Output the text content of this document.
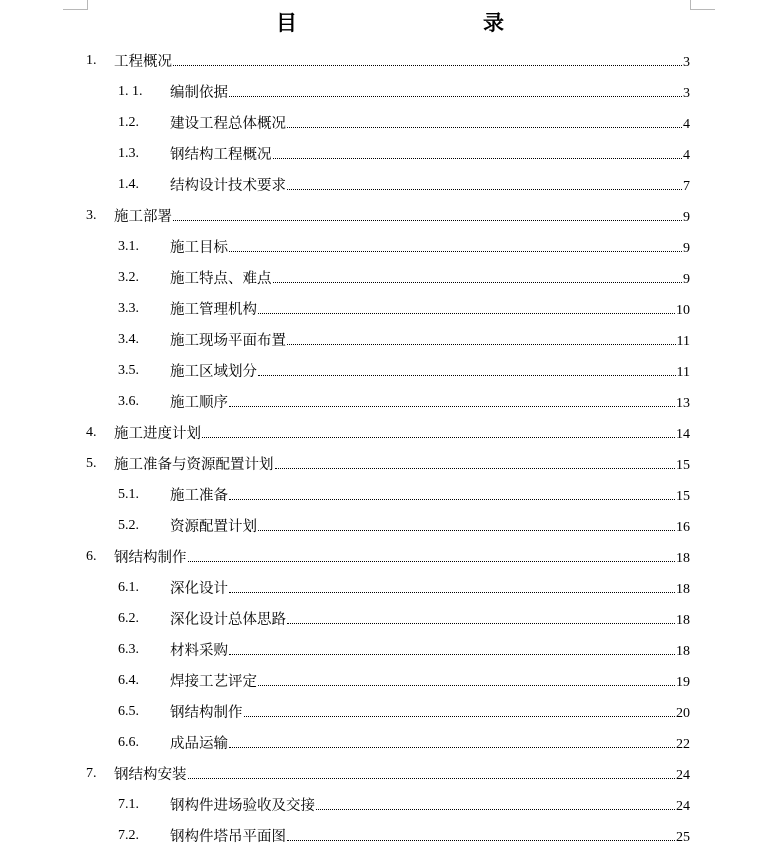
目　　录
1. 工程概况	3
1. 1. 编制依据	3
1.2. 建设工程总体概况	4
1.3. 钢结构工程概况	4
1.4. 结构设计技术要求	7
3. 施工部署	9
3.1. 施工目标	9
3.2. 施工特点、难点	9
3.3. 施工管理机构	10
3.4. 施工现场平面布置	11
3.5. 施工区域划分	11
3.6. 施工顺序	13
4. 施工进度计划	14
5. 施工准备与资源配置计划	15
5.1. 施工准备	15
5.2. 资源配置计划	16
6. 钢结构制作	18
6.1. 深化设计	18
6.2. 深化设计总体思路	18
6.3. 材料采购	18
6.4. 焊接工艺评定	19
6.5. 钢结构制作	20
6.6. 成品运输	22
7. 钢结构安装	24
7.1. 钢构件进场验收及交接	24
7.2. 钢构件塔吊平面图	25
